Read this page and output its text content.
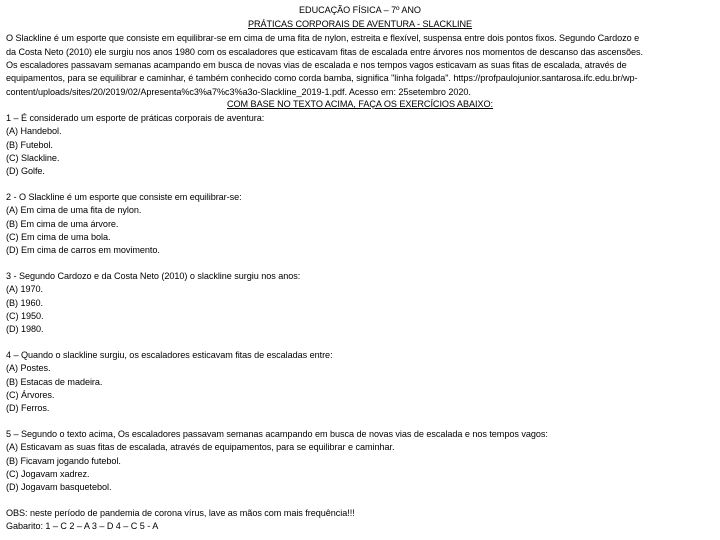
EDUCAÇÃO FÍSICA – 7º ANO
PRÁTICAS CORPORAIS DE AVENTURA - SLACKLINE
O Slackline é um esporte que consiste em equilibrar-se em cima de uma fita de nylon, estreita e flexível, suspensa entre dois pontos fixos. Segundo Cardozo e
da Costa Neto (2010) ele surgiu nos anos 1980 com os escaladores que esticavam fitas de escalada entre árvores nos momentos de descanso das ascensões.
Os escaladores passavam semanas acampando em busca de novas vias de escalada e nos tempos vagos esticavam as suas fitas de escalada, através de
equipamentos, para se equilibrar e caminhar, é também conhecido como corda bamba, significa "linha folgada". https://profpaulojunior.santarosa.ifc.edu.br/wp-
content/uploads/sites/20/2019/02/Apresenta%c3%a7%c3%a3o-Slackline_2019-1.pdf. Acesso em: 25setembro 2020.
COM BASE NO TEXTO ACIMA, FAÇA OS EXERCÍCIOS ABAIXO:
1 – É considerado um esporte de práticas corporais de aventura:
(A) Handebol.
(B) Futebol.
(C) Slackline.
(D) Golfe.
2 - O Slackline é um esporte que consiste em equilibrar-se:
(A) Em cima de uma fita de nylon.
(B) Em cima de uma árvore.
(C) Em cima de uma bola.
(D) Em cima de carros em movimento.
3 - Segundo Cardozo e da Costa Neto (2010) o slackline surgiu nos anos:
(A) 1970.
(B) 1960.
(C) 1950.
(D) 1980.
4 – Quando o slackline surgiu, os escaladores esticavam fitas de escaladas entre:
(A) Postes.
(B) Estacas de madeira.
(C) Árvores.
(D) Ferros.
5 – Segundo o texto acima, Os escaladores passavam semanas acampando em busca de novas vias de escalada e nos tempos vagos:
(A) Esticavam as suas fitas de escalada, através de equipamentos, para se equilibrar e caminhar.
(B) Ficavam jogando futebol.
(C) Jogavam xadrez.
(D) Jogavam basquetebol.
OBS: neste período de pandemia de corona vírus, lave as mãos com mais frequência!!!
Gabarito: 1 – C 2 – A 3 – D 4 – C 5 - A
